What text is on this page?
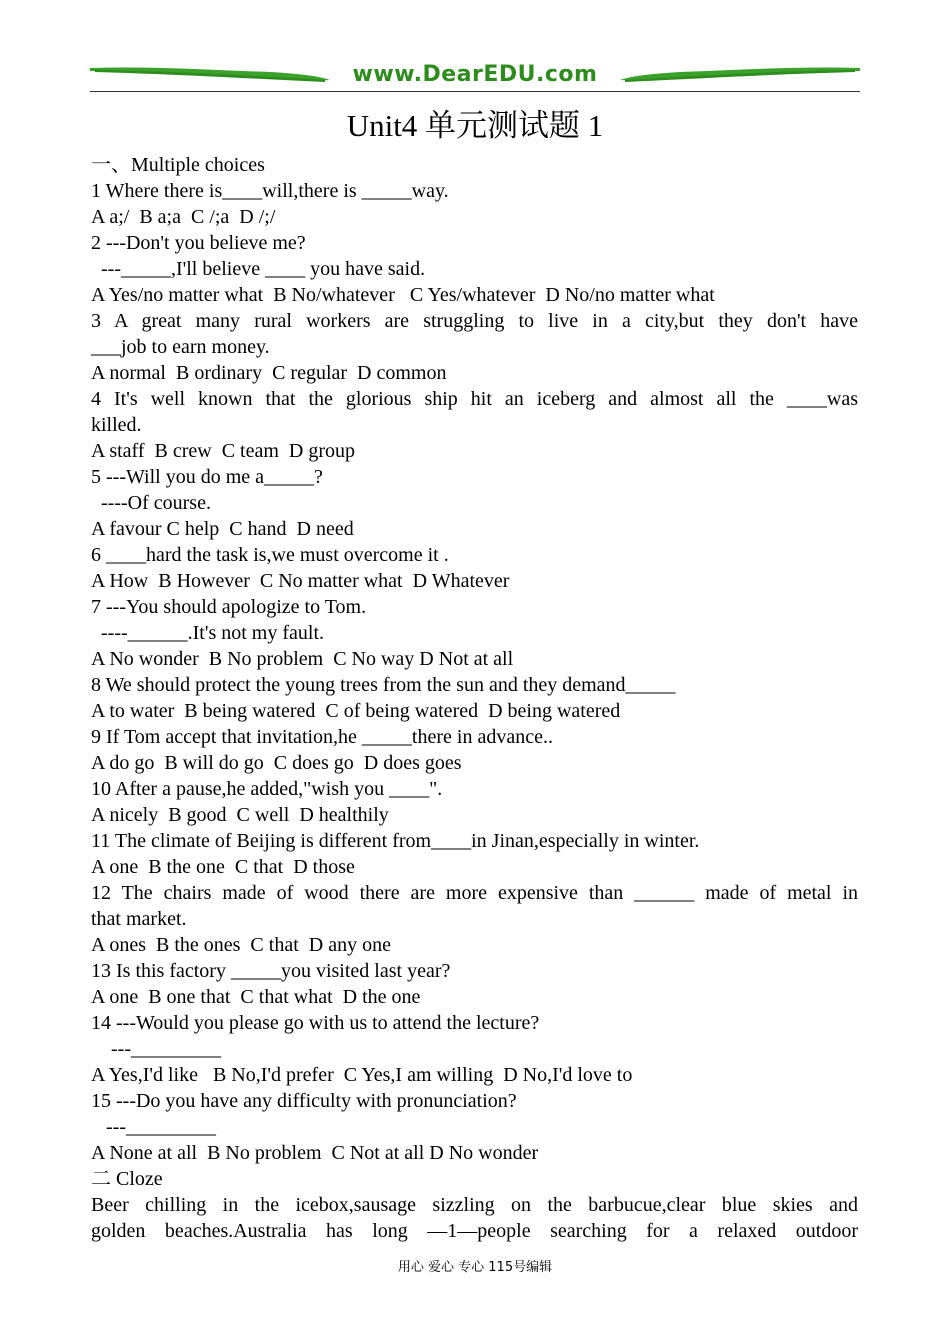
www.DearEDU.com
Unit4 单元测试题 1
一、Multiple choices
1 Where there is____will,there is _____way.
A a;/  B a;a  C /;a  D /;/
2 ---Don't you believe me?
---_____,I'll believe ____ you have said.
A Yes/no matter what  B No/whatever   C Yes/whatever  D No/no matter what
3 A great many rural workers are struggling to live in a city,but they don't have
___job to earn money.
A normal  B ordinary  C regular  D common
4 It's well known that the glorious ship hit an iceberg and almost all the ____was
killed.
A staff  B crew  C team  D group
5 ---Will you do me a_____?
----Of course.
A favour C help  C hand  D need
6 ____hard the task is,we must overcome it .
A How  B However  C No matter what  D Whatever
7 ---You should apologize to Tom.
----______.It's not my fault.
A No wonder  B No problem  C No way D Not at all
8 We should protect the young trees from the sun and they demand_____
A to water  B being watered  C of being watered  D being watered
9 If Tom accept that invitation,he _____there in advance..
A do go  B will do go  C does go  D does goes
10 After a pause,he added,"wish you ____".
A nicely  B good  C well  D healthily
11 The climate of Beijing is different from____in Jinan,especially in winter.
A one  B the one  C that  D those
12 The chairs made of wood there are more expensive than ______ made of metal in
that market.
A ones  B the ones  C that  D any one
13 Is this factory _____you visited last year?
A one  B one that  C that what  D the one
14 ---Would you please go with us to attend the lecture?
---_________
A Yes,I'd like   B No,I'd prefer  C Yes,I am willing  D No,I'd love to
15 ---Do you have any difficulty with pronunciation?
---_________
A None at all  B No problem  C Not at all D No wonder
二 Cloze
Beer chilling in the icebox,sausage sizzling on the barbucue,clear blue skies and
golden beaches.Australia has long —1—people searching for a relaxed outdoor
用心 爱心 专心 115号编辑
